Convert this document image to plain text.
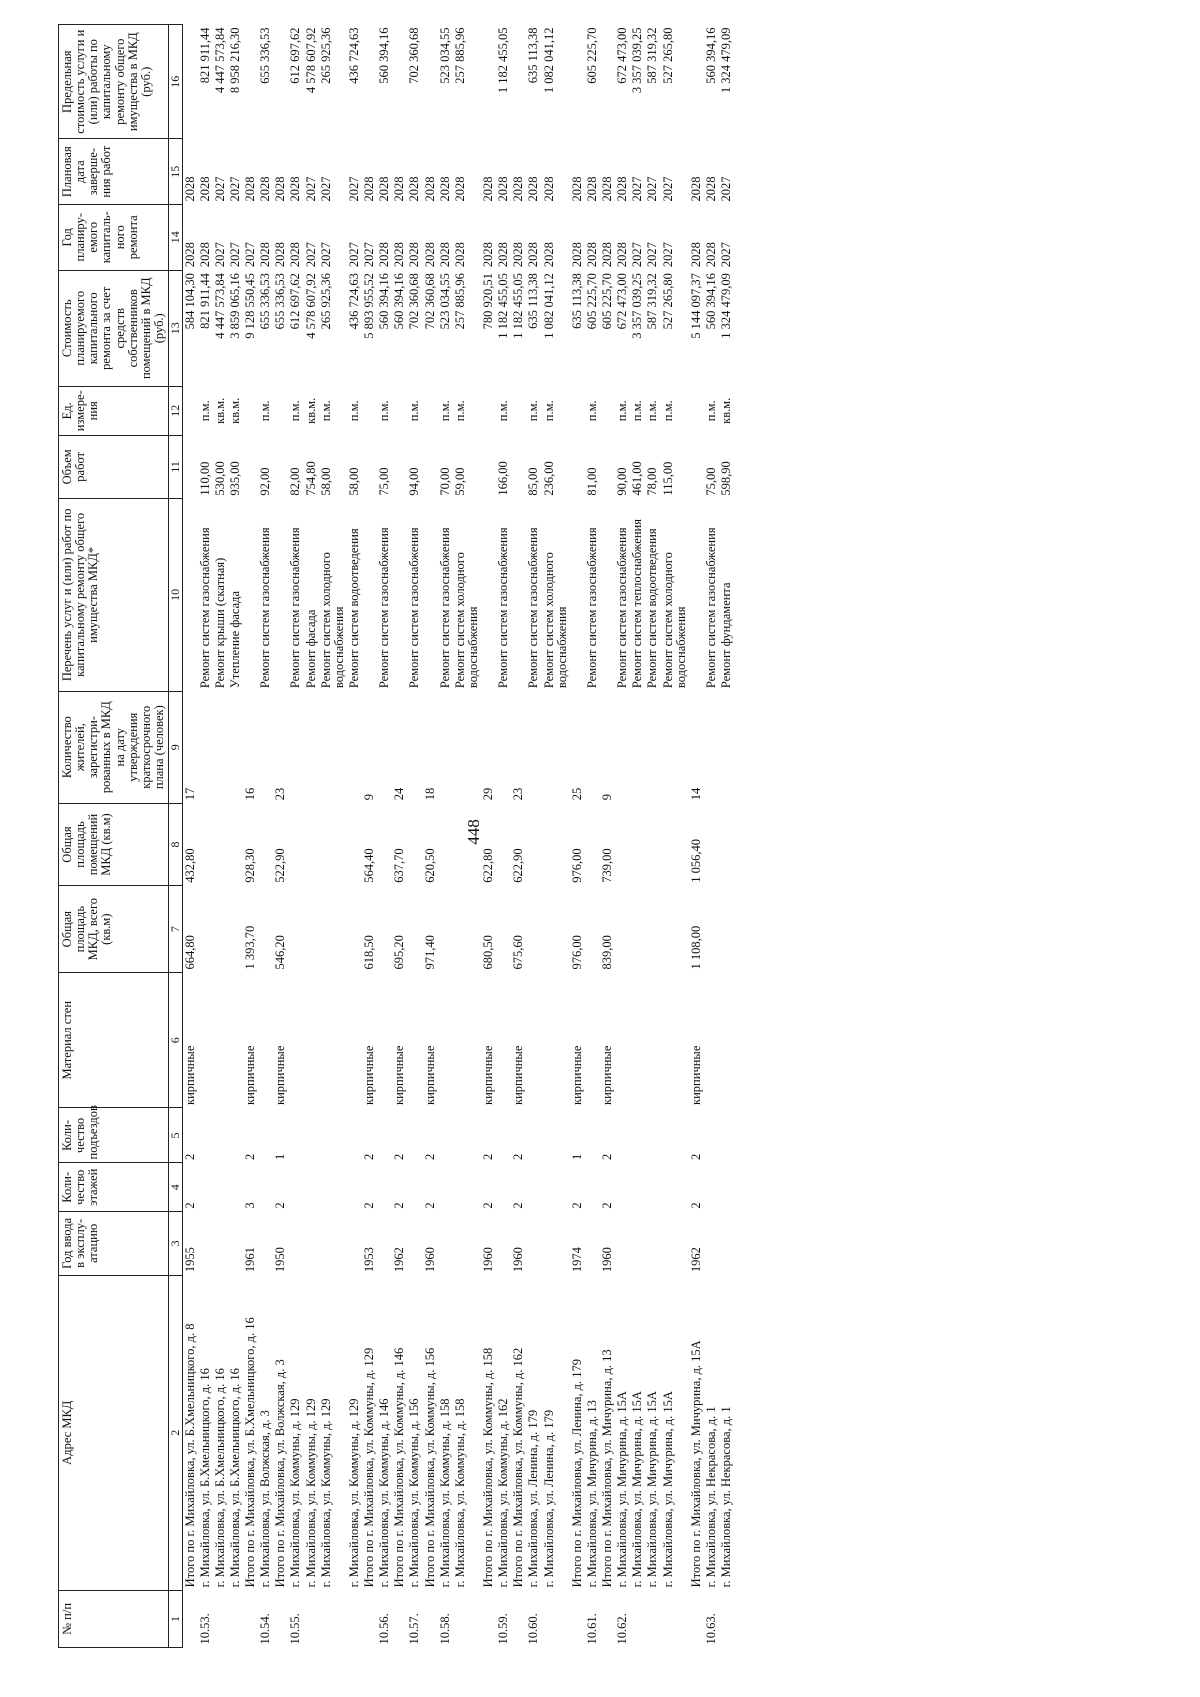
448
№ п/п	Адрес МКД	Год ввода в эксплу-атацию	Коли-чество этажей	Коли-чество подъездов	Материал стен	Общая площадь МКД, всего (кв.м)	Общая площадь помещений МКД (кв.м)	Количество жителей, зарегистри-рованных в МКД на дату утверждения краткосрочного плана (человек)	Перечень услуг и (или) работ по капитальному ремонту общего имущества МКД*	Объем работ	Ед. измере-ния	Стоимость планируемого капитального ремонта за счет средств собственников помещений в МКД (руб.)	Год планиру-емого капиталь-ного ремонта	Плановая дата заверше-ния работ	Предельная стоимость услуги и (или) работы по капитальному ремонту общего имущества в МКД (руб.)
1	2	3	4	5	6	7	8	9	10	11	12	13	14	15	16
	Итого по г. Михайловка, ул. Б.Хмельницкого, д. 8	1955	2	2	кирпичные	664,80	432,80	17				584 104,30	2028	2028	
10.53.	г. Михайловка, ул. Б.Хмельницкого, д. 16								Ремонт систем газоснабжения	110,00	п.м.	821 911,44	2028	2028	821 911,44
	г. Михайловка, ул. Б.Хмельницкого, д. 16								Ремонт крыши (скатная)	530,00	кв.м.	4 447 573,84	2027	2027	4 447 573,84
	г. Михайловка, ул. Б.Хмельницкого, д. 16								Утепление фасада	935,00	кв.м.	3 859 065,16	2027	2027	8 958 216,30
	Итого по г. Михайловка, ул. Б.Хмельницкого, д. 16	1961	3	2	кирпичные	1 393,70	928,30	16				9 128 550,45	2027	2028	
10.54.	г. Михайловка, ул. Волжская, д. 3								Ремонт систем газоснабжения	92,00	п.м.	655 336,53	2028	2028	655 336,53
	Итого по г. Михайловка, ул. Волжская, д. 3	1950	2	1	кирпичные	546,20	522,90	23				655 336,53	2028	2028	
10.55.	г. Михайловка, ул. Коммуны, д. 129								Ремонт систем газоснабжения	82,00	п.м.	612 697,62	2028	2028	612 697,62
	г. Михайловка, ул. Коммуны, д. 129								Ремонт фасада	754,80	кв.м.	4 578 607,92	2027	2027	4 578 607,92
	г. Михайловка, ул. Коммуны, д. 129								Ремонт систем холодного водоснабжения	58,00	п.м.	265 925,36	2027	2027	265 925,36
	г. Михайловка, ул. Коммуны, д. 129								Ремонт систем водоотведения	58,00	п.м.	436 724,63	2027	2027	436 724,63
	Итого по г. Михайловка, ул. Коммуны, д. 129	1953	2	2	кирпичные	618,50	564,40	9				5 893 955,52	2027	2028	
10.56.	г. Михайловка, ул. Коммуны, д. 146								Ремонт систем газоснабжения	75,00	п.м.	560 394,16	2028	2028	560 394,16
	Итого по г. Михайловка, ул. Коммуны, д. 146	1962	2	2	кирпичные	695,20	637,70	24				560 394,16	2028	2028	
10.57.	г. Михайловка, ул. Коммуны, д. 156								Ремонт систем газоснабжения	94,00	п.м.	702 360,68	2028	2028	702 360,68
	Итого по г. Михайловка, ул. Коммуны, д. 156	1960	2	2	кирпичные	971,40	620,50	18				702 360,68	2028	2028	
10.58.	г. Михайловка, ул. Коммуны, д. 158								Ремонт систем газоснабжения	70,00	п.м.	523 034,55	2028	2028	523 034,55
	г. Михайловка, ул. Коммуны, д. 158								Ремонт систем холодного водоснабжения	59,00	п.м.	257 885,96	2028	2028	257 885,96
	Итого по г. Михайловка, ул. Коммуны, д. 158	1960	2	2	кирпичные	680,50	622,80	29				780 920,51	2028	2028	
10.59.	г. Михайловка, ул. Коммуны, д. 162								Ремонт систем газоснабжения	166,00	п.м.	1 182 455,05	2028	2028	1 182 455,05
	Итого по г. Михайловка, ул. Коммуны, д. 162	1960	2	2	кирпичные	675,60	622,90	23				1 182 455,05	2028	2028	
10.60.	г. Михайловка, ул. Ленина, д. 179								Ремонт систем газоснабжения	85,00	п.м.	635 113,38	2028	2028	635 113,38
	г. Михайловка, ул. Ленина, д. 179								Ремонт систем холодного водоснабжения	236,00	п.м.	1 082 041,12	2028	2028	1 082 041,12
	Итого по г. Михайловка, ул. Ленина, д. 179	1974	2	1	кирпичные	976,00	976,00	25				635 113,38	2028	2028	
10.61.	г. Михайловка, ул. Мичурина, д. 13								Ремонт систем газоснабжения	81,00	п.м.	605 225,70	2028	2028	605 225,70
	Итого по г. Михайловка, ул. Мичурина, д. 13	1960	2	2	кирпичные	839,00	739,00	9				605 225,70	2028	2028	
10.62.	г. Михайловка, ул. Мичурина, д. 15А								Ремонт систем газоснабжения	90,00	п.м.	672 473,00	2028	2028	672 473,00
	г. Михайловка, ул. Мичурина, д. 15А								Ремонт систем теплоснабжения	461,00	п.м.	3 357 039,25	2027	2027	3 357 039,25
	г. Михайловка, ул. Мичурина, д. 15А								Ремонт систем водоотведения	78,00	п.м.	587 319,32	2027	2027	587 319,32
	г. Михайловка, ул. Мичурина, д. 15А								Ремонт систем холодного водоснабжения	115,00	п.м.	527 265,80	2027	2027	527 265,80
	Итого по г. Михайловка, ул. Мичурина, д. 15А	1962	2	2	кирпичные	1 108,00	1 056,40	14				5 144 097,37	2028	2028	
10.63.	г. Михайловка, ул. Некрасова, д. 1								Ремонт систем газоснабжения	75,00	п.м.	560 394,16	2028	2028	560 394,16
	г. Михайловка, ул. Некрасова, д. 1								Ремонт фундамента	598,90	кв.м.	1 324 479,09	2027	2027	1 324 479,09
